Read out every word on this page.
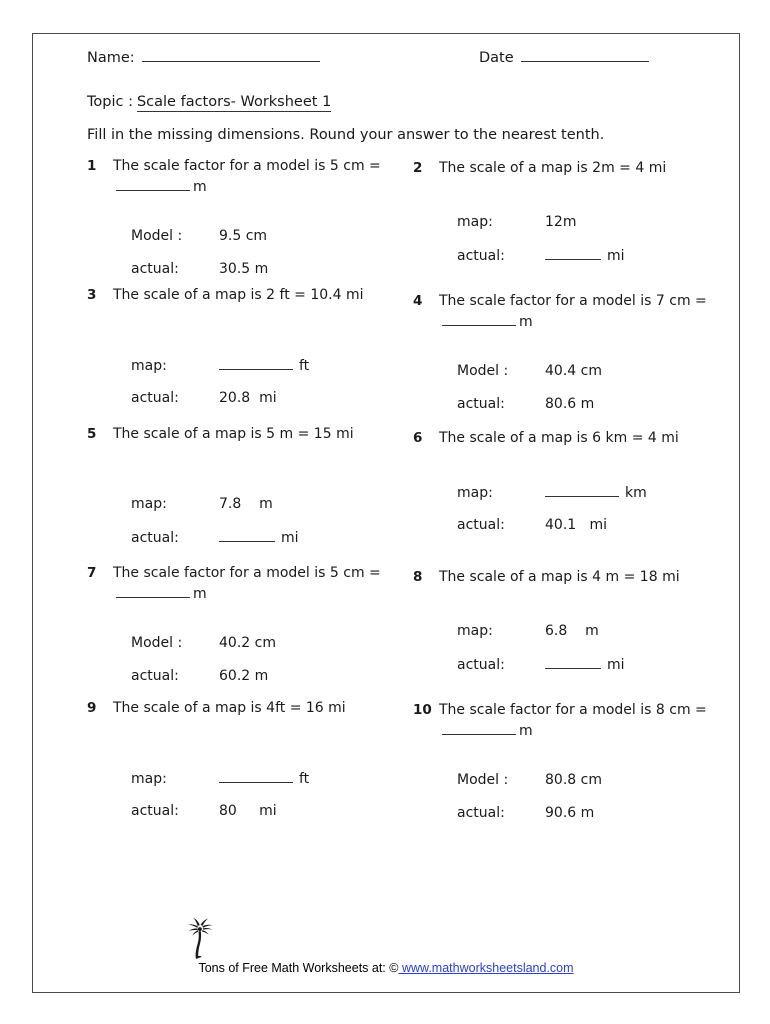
Name:	Date
Topic : Scale factors- Worksheet 1
Fill in the missing dimensions. Round your answer to the nearest tenth.
1	The scale factor for a model is 5 cm =m
Model :	9.5 cm
actual:	30.5 m
2	The scale of a map is 2m = 4 mi
map:	12m
actual:	mi
3	The scale of a map is 2 ft = 10.4 mi
map:	ft
actual:	20.8  mi
4	The scale factor for a model is 7 cm =m
Model :	40.4 cm
actual:	80.6 m
5	The scale of a map is 5 m = 15 mi
map:	7.8    m
actual:	mi
6	The scale of a map is 6 km = 4 mi
map:	km
actual:	40.1   mi
7	The scale factor for a model is 5 cm =m
Model :	40.2 cm
actual:	60.2 m
8	The scale of a map is 4 m = 18 mi
map:	6.8    m
actual:	mi
9	The scale of a map is 4ft = 16 mi
map:	ft
actual:	80     mi
10 The scale factor for a model is 8 cm =m
Model :	80.8 cm
actual:	90.6 m
Tons of Free Math Worksheets at: © www.mathworksheetsland.com
